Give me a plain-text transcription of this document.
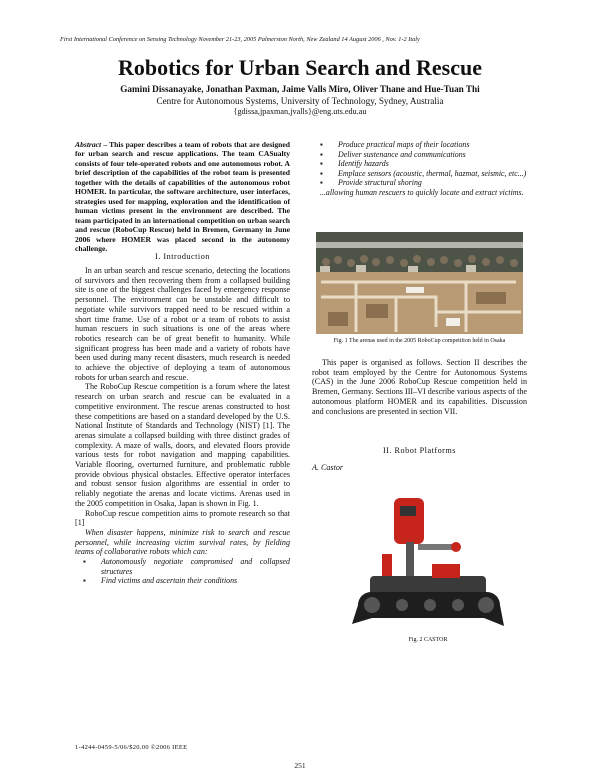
First International Conference on Sensing Technology November 21-23, 2005 Palmerston North, New Zealand 14 August 2006 , Nov. 1-2 Italy
Robotics for Urban Search and Rescue
Gamini Dissanayake, Jonathan Paxman, Jaime Valls Miro, Oliver Thane and Hue-Tuan Thi
Centre for Autonomous Systems, University of Technology, Sydney, Australia
{gdissa,jpaxman,jvalls}@eng.uts.edu.au
Abstract – This paper describes a team of robots that are designed for urban search and rescue applications. The team CASualty consists of four tele-operated robots and one autonomous robot. A brief description of the capabilities of the robot team is presented together with the details of capabilities of the autonomous robot HOMER. In particular, the software architecture, user interfaces, strategies used for mapping, exploration and the identification of human victims present in the environment are described. The team participated in an international competition on urban search and rescue (RoboCup Rescue) held in Bremen, Germany in June 2006 where HOMER was placed second in the autonomy challenge.
I. Introduction

In an urban search and rescue scenario, detecting the locations of survivors and then recovering them from a collapsed building site is one of the biggest challenges faced by emergency response personnel. The environment can be unstable and difficult to negotiate while survivors trapped need to be rescued within a short time frame. Use of a robot or a team of robots to assist human rescuers in such situations is one of the areas where robotics research can be of great benefit to humanity. While significant progress has been made and a variety of robots have been used during many recent disasters, much research is needed to achieve the objective of deploying a team of autonomous robots for urban search and rescue.

The RoboCup Rescue competition is a forum where the latest research on urban search and rescue can be evaluated in a competitive environment. The rescue arenas constructed to host these competitions are based on a standard developed by the U.S. National Institute of Standards and Technology (NIST) [1]. The arenas simulate a collapsed building with three distinct grades of complexity. A maze of walls, doors, and elevated floors provide various tests for robot navigation and mapping capabilities. Variable flooring, overturned furniture, and problematic rubble provide obvious physical obstacles. Effective operator interfaces and robust sensor fusion algorithms are essential in order to reliably negotiate the arenas and locate victims. Arenas used in the 2005 competition in Osaka, Japan is shown in Fig. 1.

RoboCup rescue competition aims to promote research so that [1]

When disaster happens, minimize risk to search and rescue personnel, while increasing victim survival rates, by fielding teams of collaborative robots which can:

▪ Autonomously negotiate compromised and collapsed structures
▪ Find victims and ascertain their conditions
▪ Produce practical maps of their locations
▪ Deliver sustenance and communications
▪ Identify hazards
▪ Emplace sensors (acoustic, thermal, hazmat, seismic, etc...)
▪ Provide structural shoring
...allowing human rescuers to quickly locate and extract victims.
Fig. 1 The arenas used in the 2005 RoboCup competition held in Osaka

This paper is organised as follows. Section II describes the robot team employed by the Centre for Autonomous Systems (CAS) in the June 2006 RoboCup Rescue competition held in Bremen, Germany. Sections III–VI describe various aspects of the autonomous platform HOMER and its capabilities. Discussion and conclusions are presented in section VII.

II. Robot Platforms
A. Castor
Fig. 2 CASTOR
1-4244-0459-5/06/$20.00 ©2006 IEEE
251
